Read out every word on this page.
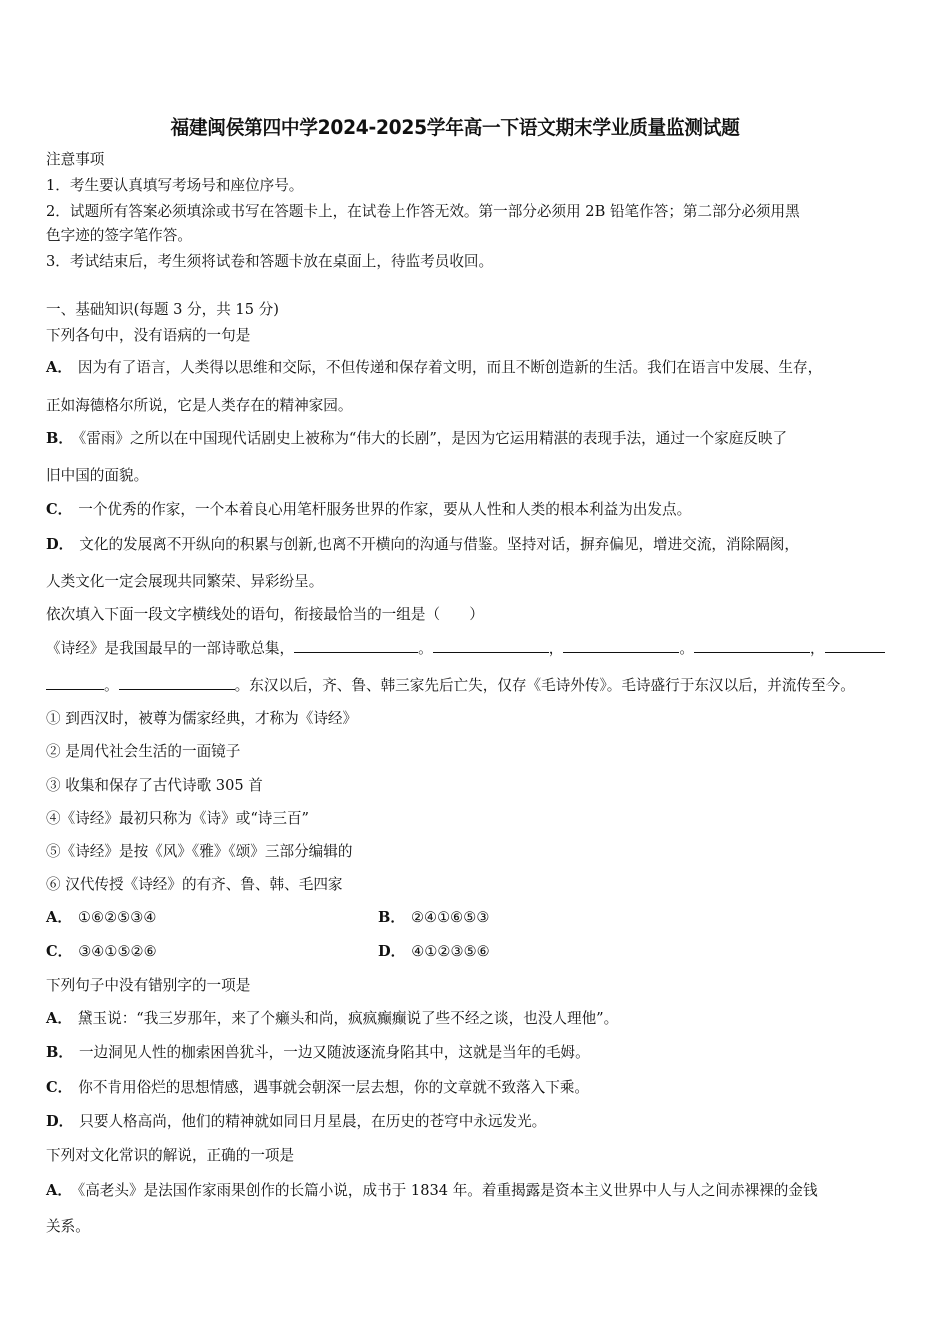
福建闽侯第四中学2024-2025学年高一下语文期末学业质量监测试题
注意事项
1．考生要认真填写考场号和座位序号。
2．试题所有答案必须填涂或书写在答题卡上，在试卷上作答无效。第一部分必须用 2B 铅笔作答；第二部分必须用黑
色字迹的签字笔作答。
3．考试结束后，考生须将试卷和答题卡放在桌面上，待监考员收回。
一、基础知识(每题 3 分，共 15 分)
下列各句中，没有语病的一句是
A． 因为有了语言，人类得以思维和交际，不但传递和保存着文明，而且不断创造新的生活。我们在语言中发展、生存，
正如海德格尔所说，它是人类存在的精神家园。
B． 《雷雨》之所以在中国现代话剧史上被称为“伟大的长剧”，是因为它运用精湛的表现手法，通过一个家庭反映了
旧中国的面貌。
C． 一个优秀的作家，一个本着良心用笔杆服务世界的作家，要从人性和人类的根本利益为出发点。
D． 文化的发展离不开纵向的积累与创新,也离不开横向的沟通与借鉴。坚持对话，摒弃偏见，增进交流，消除隔阂，
人类文化一定会展现共同繁荣、异彩纷呈。
依次填入下面一段文字横线处的语句，衔接最恰当的一组是（　　）
《诗经》是我国最早的一部诗歌总集，	。	，	。	，
。	。东汉以后，齐、鲁、韩三家先后亡失，仅存《毛诗外传》。毛诗盛行于东汉以后，并流传至今。
① 到西汉时，被尊为儒家经典，才称为《诗经》
② 是周代社会生活的一面镜子
③ 收集和保存了古代诗歌 305 首
④《诗经》最初只称为《诗》或“诗三百”
⑤《诗经》是按《风》《雅》《颂》三部分编辑的
⑥ 汉代传授《诗经》的有齐、鲁、韩、毛四家
A． ①⑥②⑤③④	B． ②④①⑥⑤③
C． ③④①⑤②⑥	D． ④①②③⑤⑥
下列句子中没有错别字的一项是
A． 黛玉说：“我三岁那年，来了个癞头和尚，疯疯癫癫说了些不经之谈，也没人理他”。
B． 一边洞见人性的枷索困兽犹斗，一边又随波逐流身陷其中，这就是当年的毛姆。
C． 你不肯用俗烂的思想情感，遇事就会朝深一层去想，你的文章就不致落入下乘。
D． 只要人格高尚，他们的精神就如同日月星晨，在历史的苍穹中永远发光。
下列对文化常识的解说，正确的一项是
A． 《高老头》是法国作家雨果创作的长篇小说，成书于 1834 年。着重揭露是资本主义世界中人与人之间赤裸裸的金钱
关系。
